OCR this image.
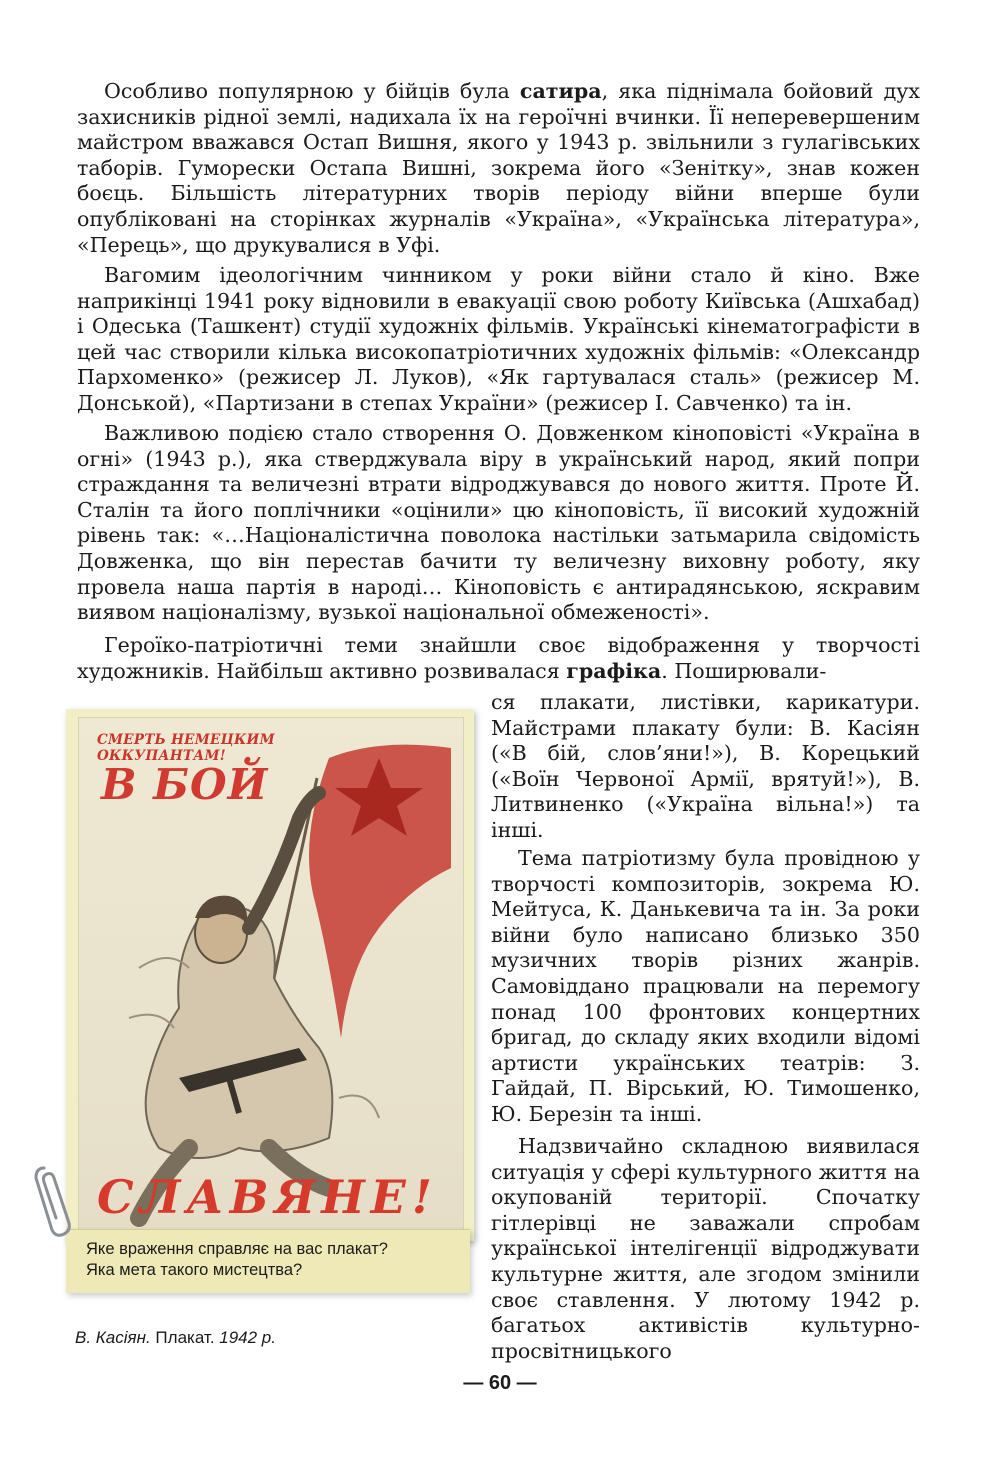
Особливо популярною у бійців була сатира, яка піднімала бойовий дух захисників рідної землі, надихала їх на героїчні вчинки. Її неперевершеним майстром вважався Остап Вишня, якого у 1943 р. звільнили з гулагівських таборів. Гуморески Остапа Вишні, зокрема його «Зенітку», знав кожен боєць. Більшість літературних творів періоду війни вперше були опубліковані на сторінках журналів «Україна», «Українська література», «Перець», що друкувалися в Уфі.

Вагомим ідеологічним чинником у роки війни стало й кіно. Вже наприкінці 1941 року відновили в евакуації свою роботу Київська (Ашхабад) і Одеська (Ташкент) студії художніх фільмів. Українські кінематографісти в цей час створили кілька високопатріотичних художніх фільмів: «Олександр Пархоменко» (режисер Л. Луков), «Як гартувалася сталь» (режисер М. Донськой), «Партизани в степах України» (режисер І. Савченко) та ін.

Важливою подією стало створення О. Довженком кіноповісті «Україна в огні» (1943 р.), яка стверджувала віру в український народ, який попри страждання та величезні втрати відроджувався до нового життя. Проте Й. Сталін та його поплічники «оцінили» цю кіноповість, її високий художній рівень так: «…Націоналістична поволока настільки затьмарила свідомість Довженка, що він перестав бачити ту величезну виховну роботу, яку провела наша партія в народі… Кіноповість є антирадянською, яскравим виявом націоналізму, вузької національної обмеженості».

Героїко-патріотичні теми знайшли своє відображення у творчості художників. Найбільш активно розвивалася графіка. Поширювали-

ся плакати, листівки, карикатури. Майстрами плакату були: В. Касіян («В бій, слов’яни!»), В. Корецький («Воїн Червоної Армії, врятуй!»), В. Литвиненко («Україна вільна!») та інші.

Тема патріотизму була провідною у творчості композиторів, зокрема Ю. Мейтуса, К. Данькевича та ін. За роки війни було написано близько 350 музичних творів різних жанрів. Самовіддано працювали на перемогу понад 100 фронтових концертних бригад, до складу яких входили відомі артисти українських театрів: З. Гайдай, П. Вірський, Ю. Тимошенко, Ю. Березін та інші.

Надзвичайно складною виявилася ситуація у сфері культурного життя на окупованій території. Спочатку гітлерівці не заважали спробам української інтелігенції відроджувати культурне життя, але згодом змінили своє ставлення. У лютому 1942 р. багатьох активістів культурно-просвітницького

СМЕРТЬ НЕМЕЦКИМ ОККУПАНТАМ!
В БОЙ
СЛАВЯНЕ!
Яке враження справляє на вас плакат?
Яка мета такого мистецтва?
В. Касіян. Плакат. 1942 р.
— 60 —
